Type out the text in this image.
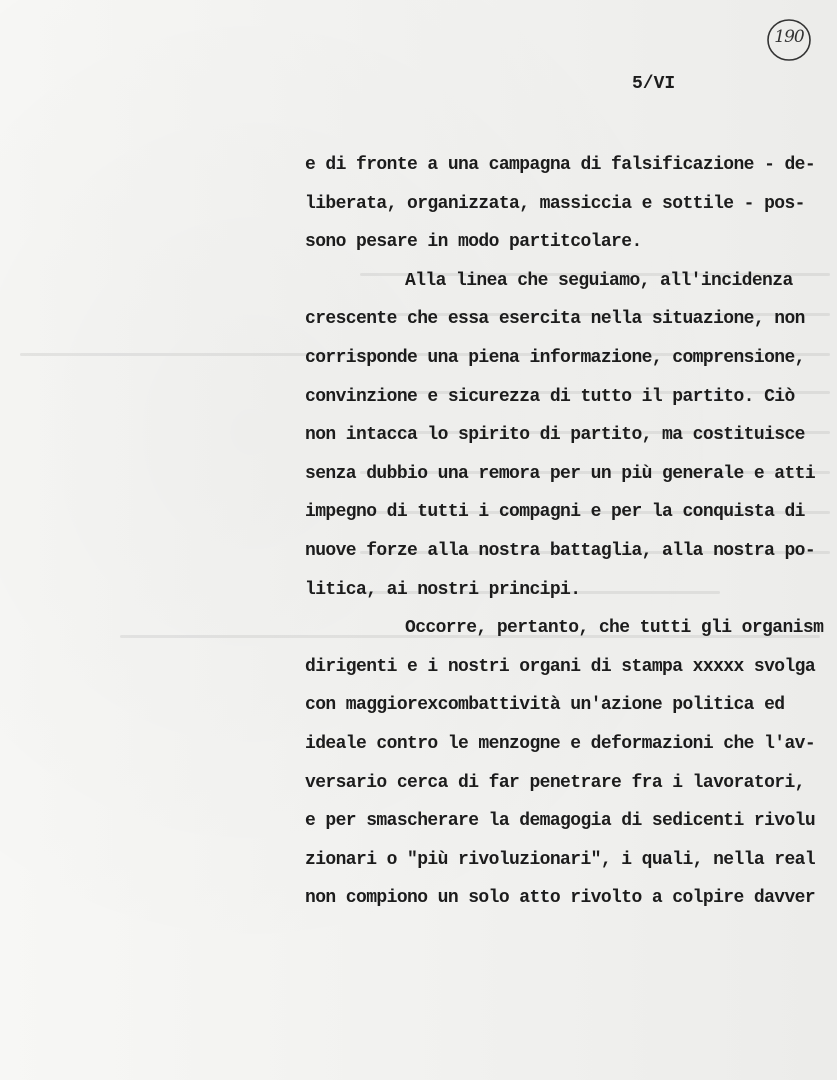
190
5/VI
e di fronte a una campagna di falsificazione - de-
liberata, organizzata, massiccia e sottile - pos-
sono pesare in modo partitcolare.
Alla linea che seguiamo, all'incidenza
crescente che essa esercita nella situazione, non
corrisponde una piena informazione, comprensione,
convinzione e sicurezza di tutto il partito. Ciò
non intacca lo spirito di partito, ma costituisce
senza dubbio una remora per un più generale e atti
impegno di tutti i compagni e per la conquista di
nuove forze alla nostra battaglia, alla nostra po-
litica, ai nostri principi.
Occorre, pertanto, che tutti gli organism
dirigenti e i nostri organi di stampa xxxxx svolga
con maggiorexcombattività un'azione politica ed
ideale contro le menzogne e deformazioni che l'av-
versario cerca di far penetrare fra i lavoratori,
e per smascherare la demagogia di sedicenti rivolu
zionari o "più rivoluzionari", i quali, nella real
non compiono un solo atto rivolto a colpire davver
